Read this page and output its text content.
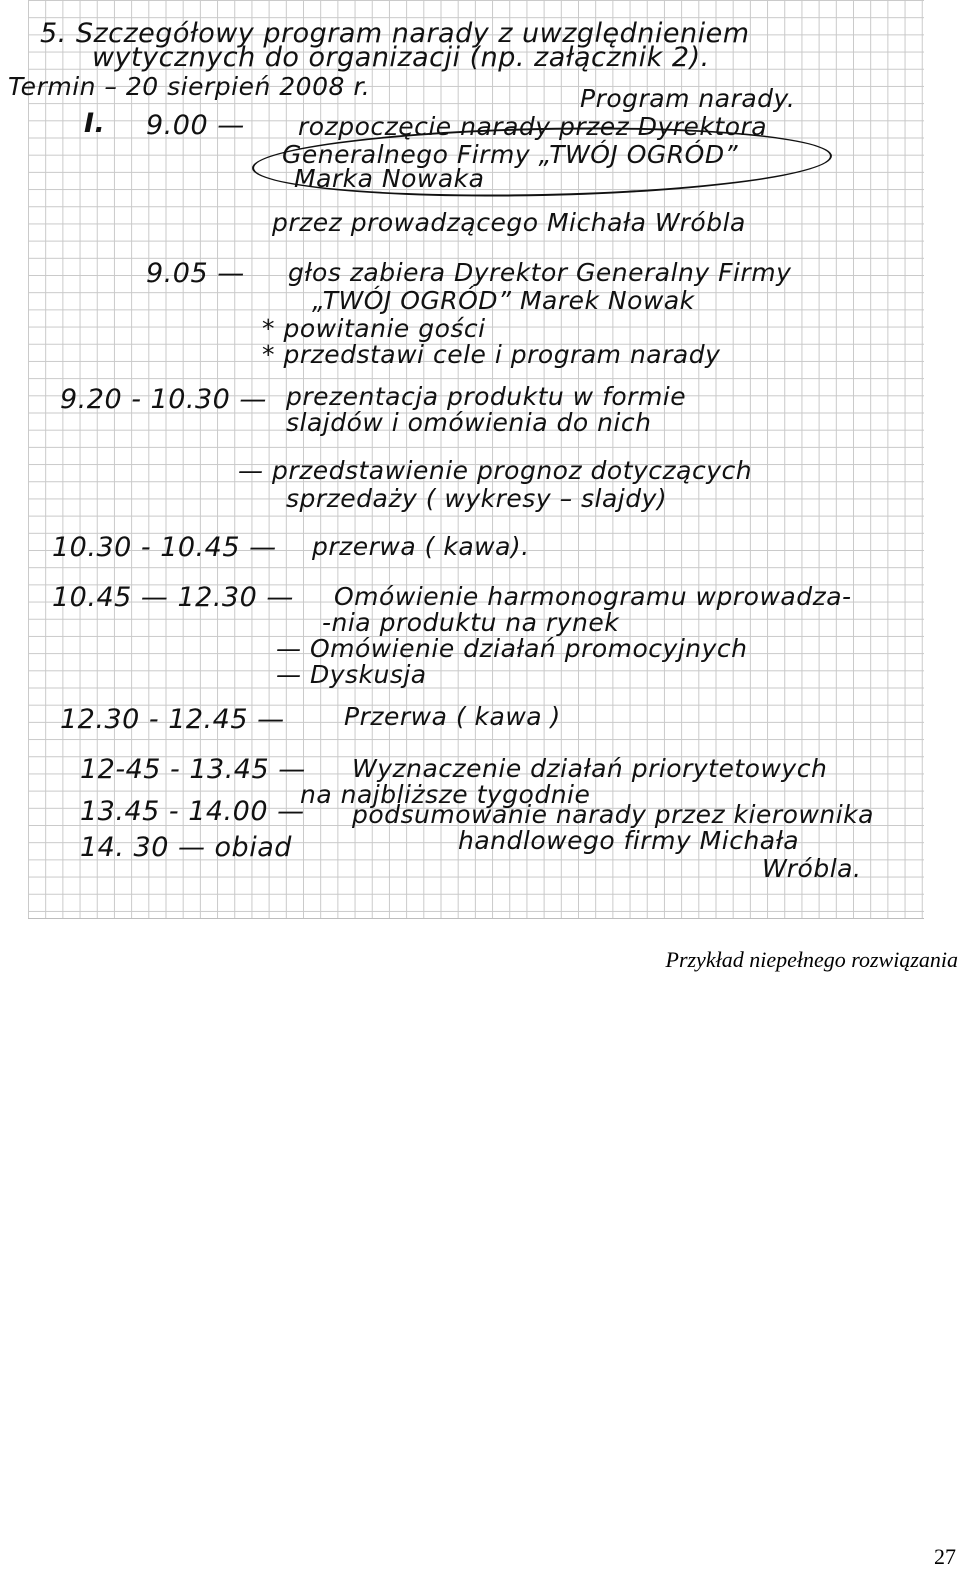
5. Szczegółowy program narady z uwzględnieniem
wytycznych do organizacji (np. załącznik 2).
Termin – 20 sierpień 2008 r.	Program narady.
I. 9.00 — rozpoczęcie narady przez Dyrektora
Generalnego Firmy „TWÓJ OGRÓD”
Marka Nowaka
przez prowadzącego Michała Wróbla
9.05 — głos zabiera Dyrektor Generalny Firmy
„TWÓJ OGRÓD” Marek Nowak
* powitanie gości
* przedstawi cele i program narady
9.20 - 10.30 — prezentacja produktu w formie
slajdów i omówienia do nich
— przedstawienie prognoz dotyczących
sprzedaży ( wykresy – slajdy)
10.30 - 10.45 — przerwa ( kawa).
10.45 — 12.30 — Omówienie harmonogramu wprowadza-
-nia produktu na rynek
— Omówienie działań promocyjnych
— Dyskusja
12.30 - 12.45 — Przerwa ( kawa )
12-45 - 13.45 — Wyznaczenie działań priorytetowych
na najbliższe tygodnie
13.45 - 14.00 — podsumowanie narady przez kierownika
handlowego firmy Michała
Wróbla.
14. 30 — obiad
Przykład niepełnego rozwiązania
27
